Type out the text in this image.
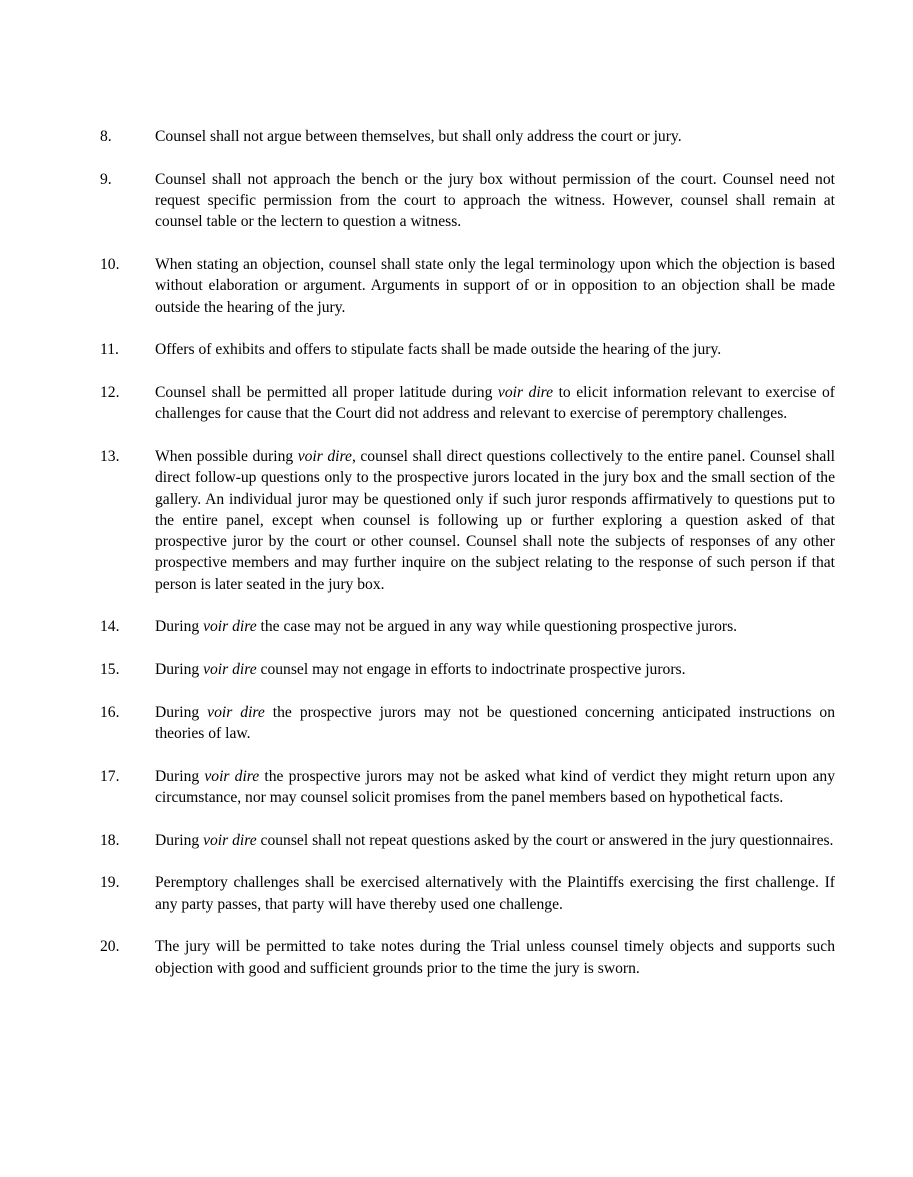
8.	Counsel shall not argue between themselves, but shall only address the court or jury.
9.	Counsel shall not approach the bench or the jury box without permission of the court. Counsel need not request specific permission from the court to approach the witness. However, counsel shall remain at counsel table or the lectern to question a witness.
10.	When stating an objection, counsel shall state only the legal terminology upon which the objection is based without elaboration or argument. Arguments in support of or in opposition to an objection shall be made outside the hearing of the jury.
11.	Offers of exhibits and offers to stipulate facts shall be made outside the hearing of the jury.
12.	Counsel shall be permitted all proper latitude during voir dire to elicit information relevant to exercise of challenges for cause that the Court did not address and relevant to exercise of peremptory challenges.
13.	When possible during voir dire, counsel shall direct questions collectively to the entire panel. Counsel shall direct follow-up questions only to the prospective jurors located in the jury box and the small section of the gallery. An individual juror may be questioned only if such juror responds affirmatively to questions put to the entire panel, except when counsel is following up or further exploring a question asked of that prospective juror by the court or other counsel. Counsel shall note the subjects of responses of any other prospective members and may further inquire on the subject relating to the response of such person if that person is later seated in the jury box.
14.	During voir dire the case may not be argued in any way while questioning prospective jurors.
15.	During voir dire counsel may not engage in efforts to indoctrinate prospective jurors.
16.	During voir dire the prospective jurors may not be questioned concerning anticipated instructions on theories of law.
17.	During voir dire the prospective jurors may not be asked what kind of verdict they might return upon any circumstance, nor may counsel solicit promises from the panel members based on hypothetical facts.
18.	During voir dire counsel shall not repeat questions asked by the court or answered in the jury questionnaires.
19.	Peremptory challenges shall be exercised alternatively with the Plaintiffs exercising the first challenge. If any party passes, that party will have thereby used one challenge.
20.	The jury will be permitted to take notes during the Trial unless counsel timely objects and supports such objection with good and sufficient grounds prior to the time the jury is sworn.
